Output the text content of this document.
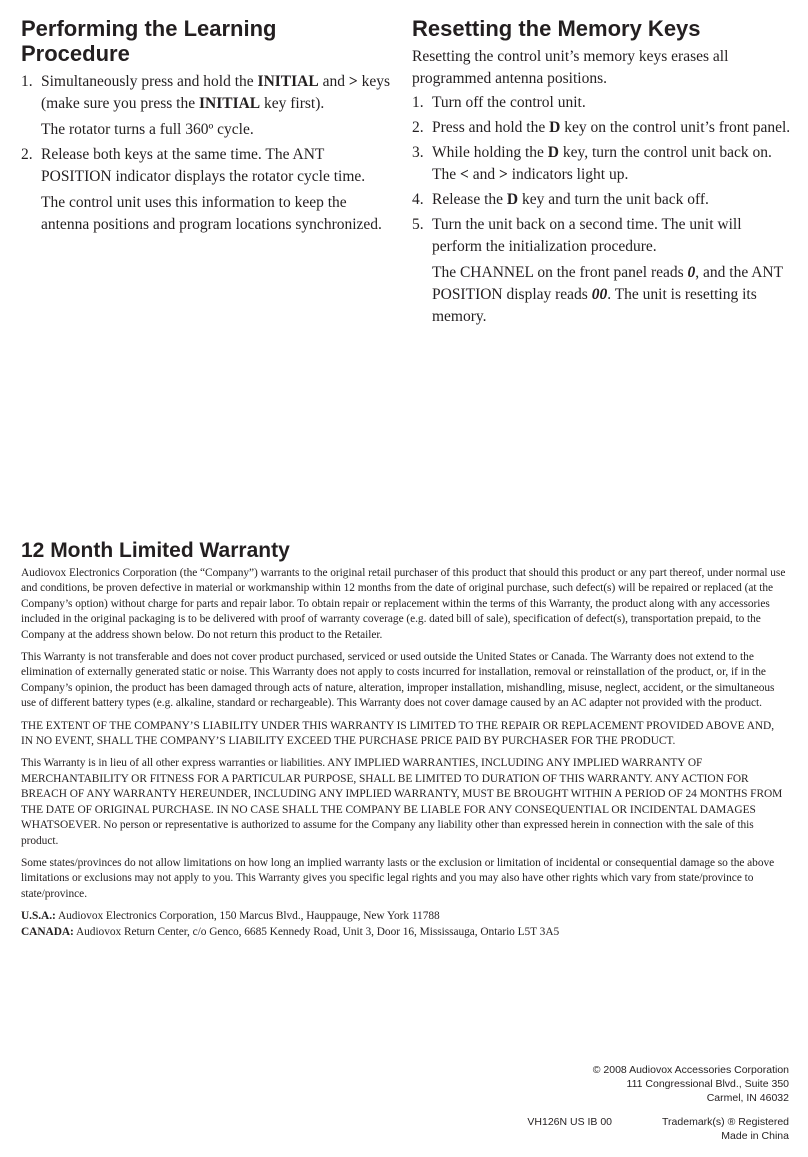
Performing the Learning Procedure
1. Simultaneously press and hold the INITIAL and > keys (make sure you press the INITIAL key first).
The rotator turns a full 360º cycle.
2. Release both keys at the same time. The ANT POSITION indicator displays the rotator cycle time.
The control unit uses this information to keep the antenna positions and program locations synchronized.
Resetting the Memory Keys

Resetting the control unit’s memory keys erases all programmed antenna positions.

1. Turn off the control unit.
2. Press and hold the D key on the control unit’s front panel.
3. While holding the D key, turn the control unit back on. The < and > indicators light up.
4. Release the D key and turn the unit back off.
5. Turn the unit back on a second time. The unit will perform the initialization procedure.
The CHANNEL on the front panel reads 0, and the ANT POSITION display reads 00. The unit is resetting its memory.
12 Month Limited Warranty

Audiovox Electronics Corporation (the “Company”) warrants to the original retail purchaser of this product that should this product or any part thereof, under normal use and conditions, be proven defective in material or workmanship within 12 months from the date of original purchase, such defect(s) will be repaired or replaced (at the Company’s option) without charge for parts and repair labor. To obtain repair or replacement within the terms of this Warranty, the product along with any accessories included in the original packaging is to be delivered with proof of warranty coverage (e.g. dated bill of sale), specification of defect(s), transportation prepaid, to the Company at the address shown below. Do not return this product to the Retailer.

This Warranty is not transferable and does not cover product purchased, serviced or used outside the United States or Canada. The Warranty does not extend to the elimination of externally generated static or noise. This Warranty does not apply to costs incurred for installation, removal or reinstallation of the product, or, if in the Company’s opinion, the product has been damaged through acts of nature, alteration, improper installation, mishandling, misuse, neglect, accident, or the simultaneous use of different battery types (e.g. alkaline, standard or rechargeable). This Warranty does not cover damage caused by an AC adapter not provided with the product.

THE EXTENT OF THE COMPANY’S LIABILITY UNDER THIS WARRANTY IS LIMITED TO THE REPAIR OR REPLACEMENT PROVIDED ABOVE AND, IN NO EVENT, SHALL THE COMPANY’S LIABILITY EXCEED THE PURCHASE PRICE PAID BY PURCHASER FOR THE PRODUCT.

This Warranty is in lieu of all other express warranties or liabilities. ANY IMPLIED WARRANTIES, INCLUDING ANY IMPLIED WARRANTY OF MERCHANTABILITY OR FITNESS FOR A PARTICULAR PURPOSE, SHALL BE LIMITED TO DURATION OF THIS WARRANTY. ANY ACTION FOR BREACH OF ANY WARRANTY HEREUNDER, INCLUDING ANY IMPLIED WARRANTY, MUST BE BROUGHT WITHIN A PERIOD OF 24 MONTHS FROM THE DATE OF ORIGINAL PURCHASE. IN NO CASE SHALL THE COMPANY BE LIABLE FOR ANY CONSEQUENTIAL OR INCIDENTAL DAMAGES WHATSOEVER. No person or representative is authorized to assume for the Company any liability other than expressed herein in connection with the sale of this product.

Some states/provinces do not allow limitations on how long an implied warranty lasts or the exclusion or limitation of incidental or consequential damage so the above limitations or exclusions may not apply to you. This Warranty gives you specific legal rights and you may also have other rights which vary from state/province to state/province.

U.S.A.: Audiovox Electronics Corporation, 150 Marcus Blvd., Hauppauge, New York 11788

CANADA: Audiovox Return Center, c/o Genco, 6685 Kennedy Road, Unit 3, Door 16, Mississauga, Ontario L5T 3A5

© 2008 Audiovox Accessories Corporation
111 Congressional Blvd., Suite 350
Carmel, IN 46032
VH126N US IB 00	Trademark(s) ® Registered
Made in China
